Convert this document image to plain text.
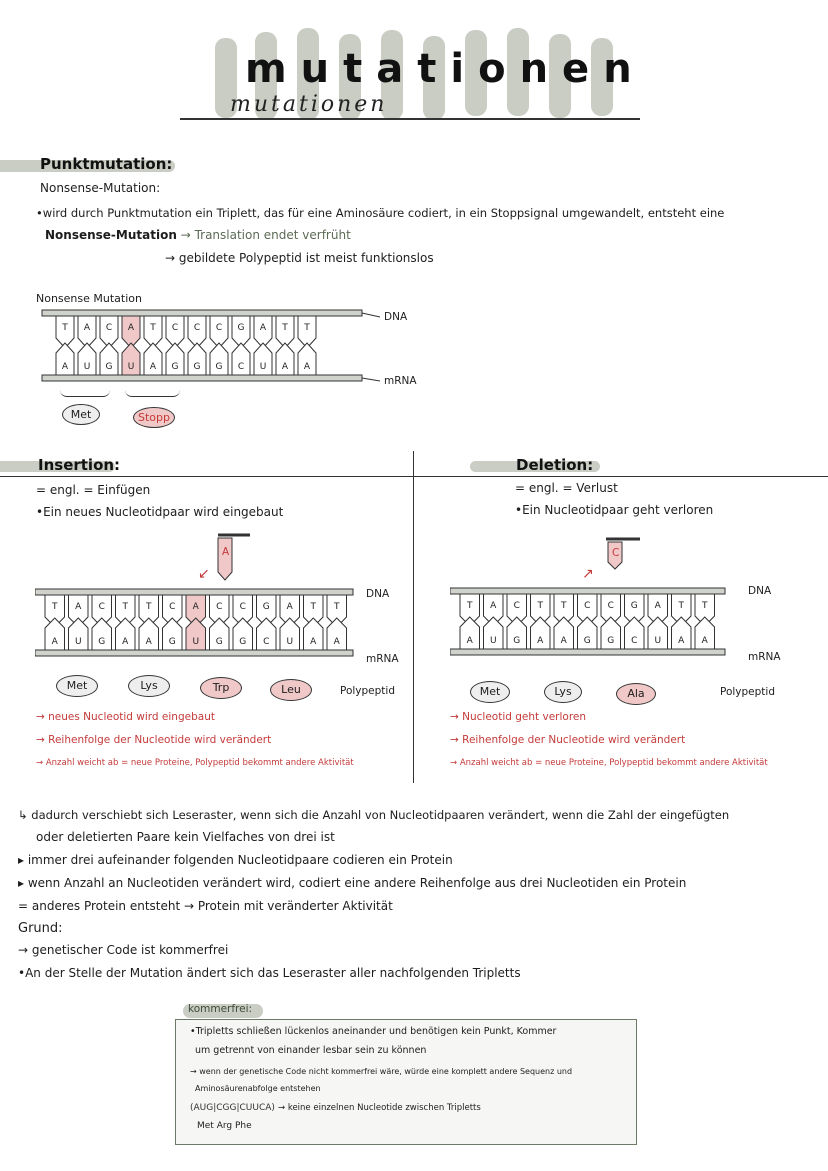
mutationen
mutationen
Punktmutation:
Nonsense-Mutation:
•wird durch Punktmutation ein Triplett, das für eine Aminosäure codiert, in ein Stoppsignal umgewandelt, entsteht eine
Nonsense-Mutation → Translation endet verfrüht
→ gebildete Polypeptid ist meist funktionslos
Nonsense Mutation
T A C A T C C C G A T T
A U G U A G G G C U A A
DNA
mRNA
Met	Stopp
Insertion:
= engl. = Einfügen
•Ein neues Nucleotidpaar wird eingebaut
A
↙
T A C T T C A C C G A T T
A U G A A G U G G C U A A
DNA
mRNA
Met	Lys	Trp	Leu	Polypeptid
→ neues Nucleotid wird eingebaut
→ Reihenfolge der Nucleotide wird verändert
→ Anzahl weicht ab = neue Proteine, Polypeptid bekommt andere Aktivität
Deletion:
= engl. = Verlust
•Ein Nucleotidpaar geht verloren
C
↗
T A C T T C C G A T T
A U G A A G G C U A A
DNA
mRNA
Met	Lys	Ala	Polypeptid
→ Nucleotid geht verloren
→ Reihenfolge der Nucleotide wird verändert
→ Anzahl weicht ab = neue Proteine, Polypeptid bekommt andere Aktivität
↳ dadurch verschiebt sich Leseraster, wenn sich die Anzahl von Nucleotidpaaren verändert, wenn die Zahl der eingefügten
oder deletierten Paare kein Vielfaches von drei ist
▸ immer drei aufeinander folgenden Nucleotidpaare codieren ein Protein
▸ wenn Anzahl an Nucleotiden verändert wird, codiert eine andere Reihenfolge aus drei Nucleotiden ein Protein
= anderes Protein entsteht → Protein mit veränderter Aktivität
Grund:
→ genetischer Code ist kommerfrei
•An der Stelle der Mutation ändert sich das Leseraster aller nachfolgenden Tripletts
kommerfrei:
•Tripletts schließen lückenlos aneinander und benötigen kein Punkt, Kommer
um getrennt von einander lesbar sein zu können
→ wenn der genetische Code nicht kommerfrei wäre, würde eine komplett andere Sequenz und
Aminosäurenabfolge entstehen
(AUG|CGG|CUUCA) → keine einzelnen Nucleotide zwischen Tripletts
Met Arg Phe
